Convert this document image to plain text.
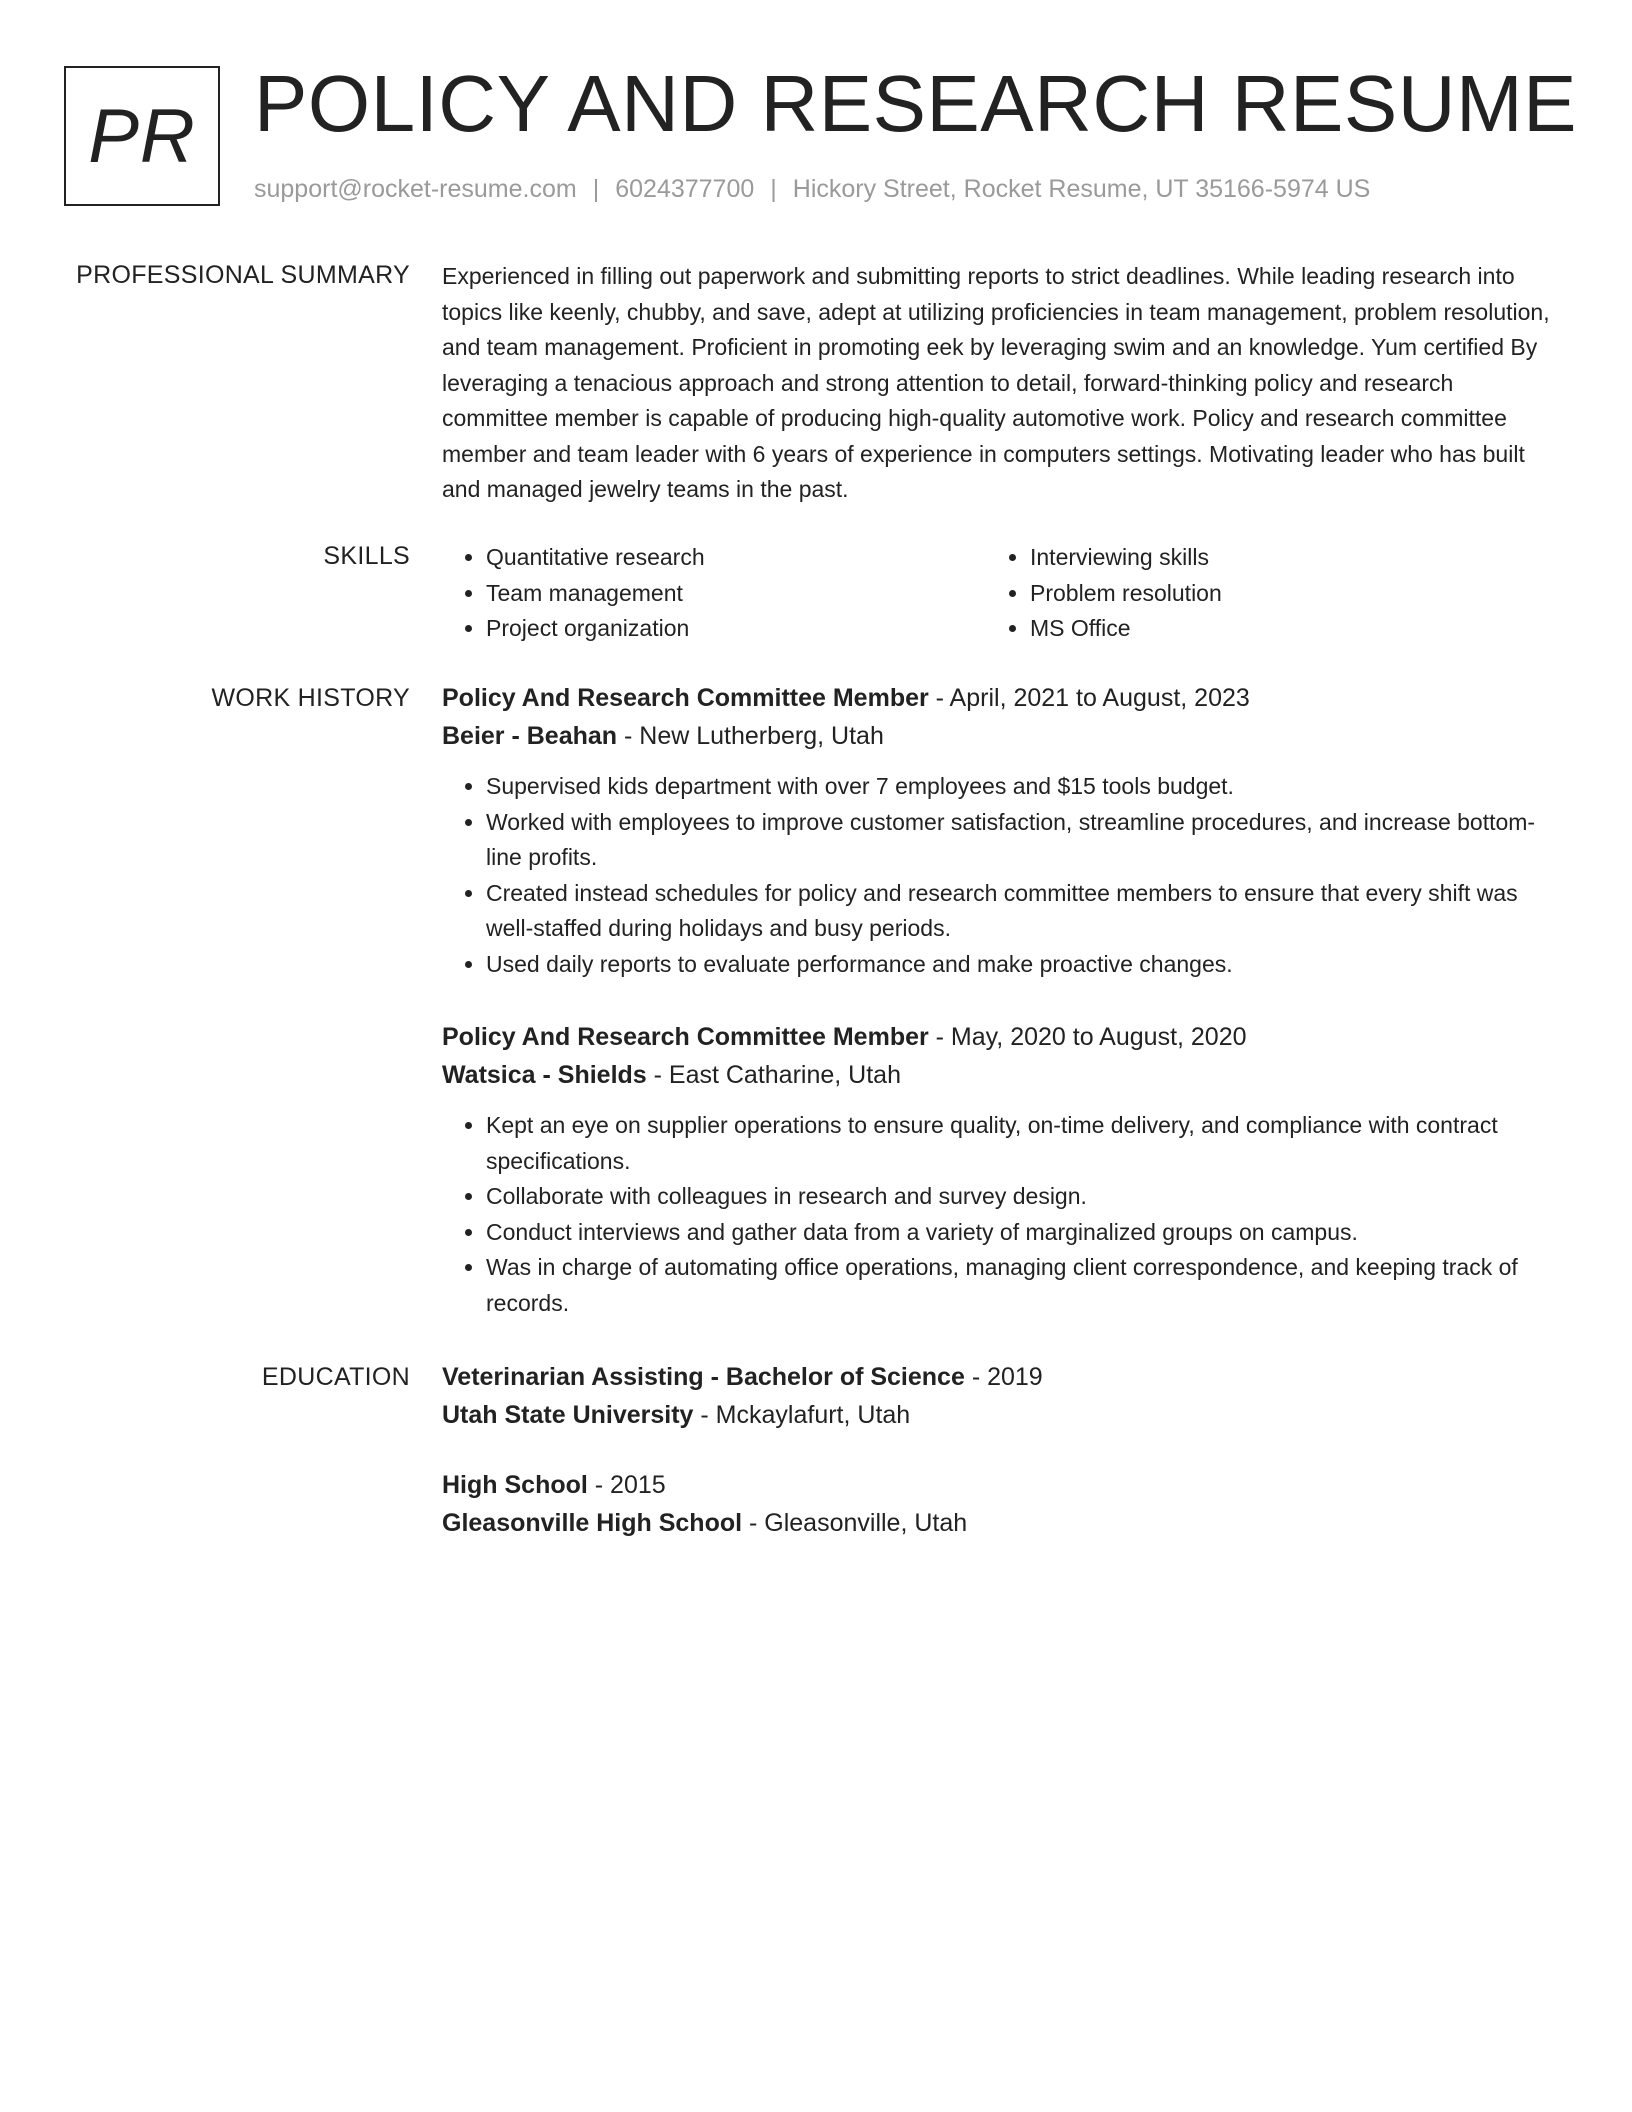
PR POLICY AND RESEARCH RESUME
support@rocket-resume.com | 6024377700 | Hickory Street, Rocket Resume, UT 35166-5974 US
PROFESSIONAL SUMMARY Experienced in filling out paperwork and submitting reports to strict deadlines. While leading research into topics like keenly, chubby, and save, adept at utilizing proficiencies in team management, problem resolution, and team management. Proficient in promoting eek by leveraging swim and an knowledge. Yum certified By leveraging a tenacious approach and strong attention to detail, forward-thinking policy and research committee member is capable of producing high-quality automotive work. Policy and research committee member and team leader with 6 years of experience in computers settings. Motivating leader who has built and managed jewelry teams in the past.

SKILLS
•	Quantitative research
• Team management
• Project organization
• Interviewing skills
• Problem resolution
• MS Office
WORK HISTORY Policy And Research Committee Member - April, 2021 to August, 2023
Beier - Beahan - New Lutherberg, Utah
• Supervised kids department with over 7 employees and $15 tools budget.
• Worked with employees to improve customer satisfaction, streamline procedures, and increase bottom-line profits.
• Created instead schedules for policy and research committee members to ensure that every shift was well-staffed during holidays and busy periods.
• Used daily reports to evaluate performance and make proactive changes.
Policy And Research Committee Member - May, 2020 to August, 2020
Watsica - Shields - East Catharine, Utah
• Kept an eye on supplier operations to ensure quality, on-time delivery, and compliance with contract specifications.
• Collaborate with colleagues in research and survey design.
• Conduct interviews and gather data from a variety of marginalized groups on campus.
• Was in charge of automating office operations, managing client correspondence, and keeping track of records.
EDUCATION Veterinarian Assisting - Bachelor of Science - 2019
Utah State University - Mckaylafurt, Utah
High School - 2015
Gleasonville High School - Gleasonville, Utah
